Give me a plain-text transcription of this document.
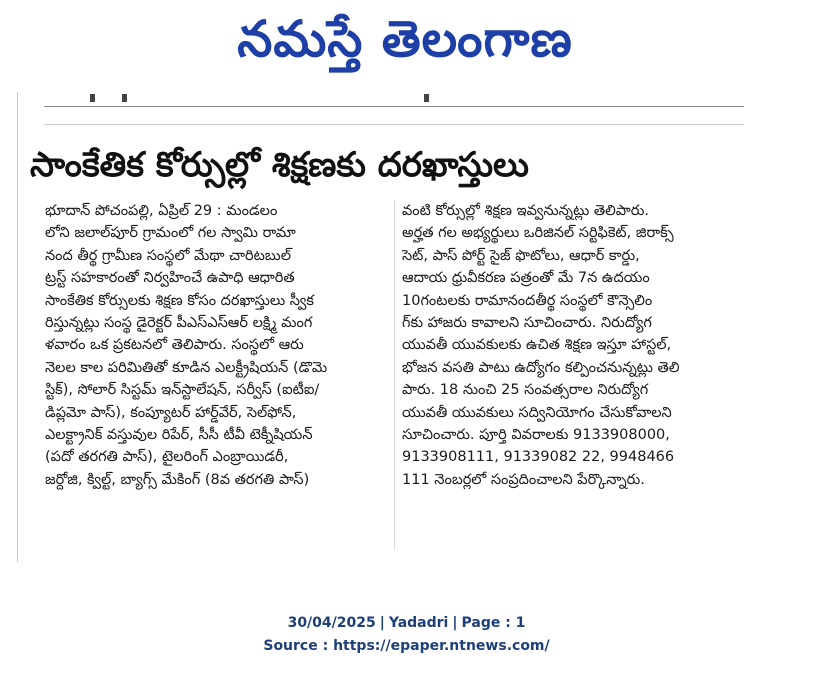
నమస్తే తెలంగాణ
సాంకేతిక కోర్సుల్లో శిక్షణకు దరఖాస్తులు
భూదాన్ పోచంపల్లి, ఏప్రిల్ 29 : మండలం
లోని జలాల్‌పూర్ గ్రామంలో గల స్వామి రామా
నంద తీర్థ గ్రామీణ సంస్థలో మేథా చారిటబుల్
ట్రస్ట్ సహకారంతో నిర్వహించే ఉపాధి ఆధారిత
సాంకేతిక కోర్సులకు శిక్షణ కోసం దరఖాస్తులు స్వీక
రిస్తున్నట్లు సంస్థ డైరెక్టర్ పీఎస్ఎస్ఆర్ లక్ష్మి మంగ
ళవారం ఒక ప్రకటనలో తెలిపారు. సంస్థలో ఆరు
నెలల కాల పరిమితితో కూడిన ఎలక్ట్రీషియన్ (డొమె
స్టిక్), సోలార్ సిస్టమ్ ఇన్‌స్టాలేషన్, సర్వీస్ (ఐటీఐ/
డిప్లమో పాస్), కంప్యూటర్ హార్డ్‌వేర్, సెల్‌ఫోన్,
ఎలక్ట్రానిక్ వస్తువుల రిపేర్, సీసీ టీవీ టెక్నీషియన్
(పదో తరగతి పాస్), టైలరింగ్ ఎంబ్రాయిడరీ,
జర్దోజి, క్విల్ట్, బ్యాగ్స్ మేకింగ్ (8వ తరగతి పాస్)
వంటి కోర్సుల్లో శిక్షణ ఇవ్వనున్నట్లు తెలిపారు.
అర్హత గల అభ్యర్థులు ఒరిజినల్ సర్టిఫికెట్, జిరాక్స్
సెట్, పాస్ పోర్ట్ సైజ్ ఫొటోలు, ఆధార్ కార్డు,
ఆదాయ ధ్రువీకరణ పత్రంతో మే 7న ఉదయం
10గంటలకు రామానందతీర్థ సంస్థలో కౌన్సెలిం
గ్‌కు హాజరు కావాలని సూచించారు. నిరుద్యోగ
యువతీ యువకులకు ఉచిత శిక్షణ ఇస్తూ హాస్టల్,
భోజన వసతి పాటు ఉద్యోగం కల్పించనున్నట్లు తెలి
పారు. 18 నుంచి 25 సంవత్సరాల నిరుద్యోగ
యువతీ యువకులు సద్వినియోగం చేసుకోవాలని
సూచించారు. పూర్తి వివరాలకు 9133908000,
9133908111, 91339082 22, 9948466
111 నెంబర్లలో సంప్రదించాలని పేర్కొన్నారు.
30/04/2025 | Yadadri | Page : 1
Source : https://epaper.ntnews.com/
